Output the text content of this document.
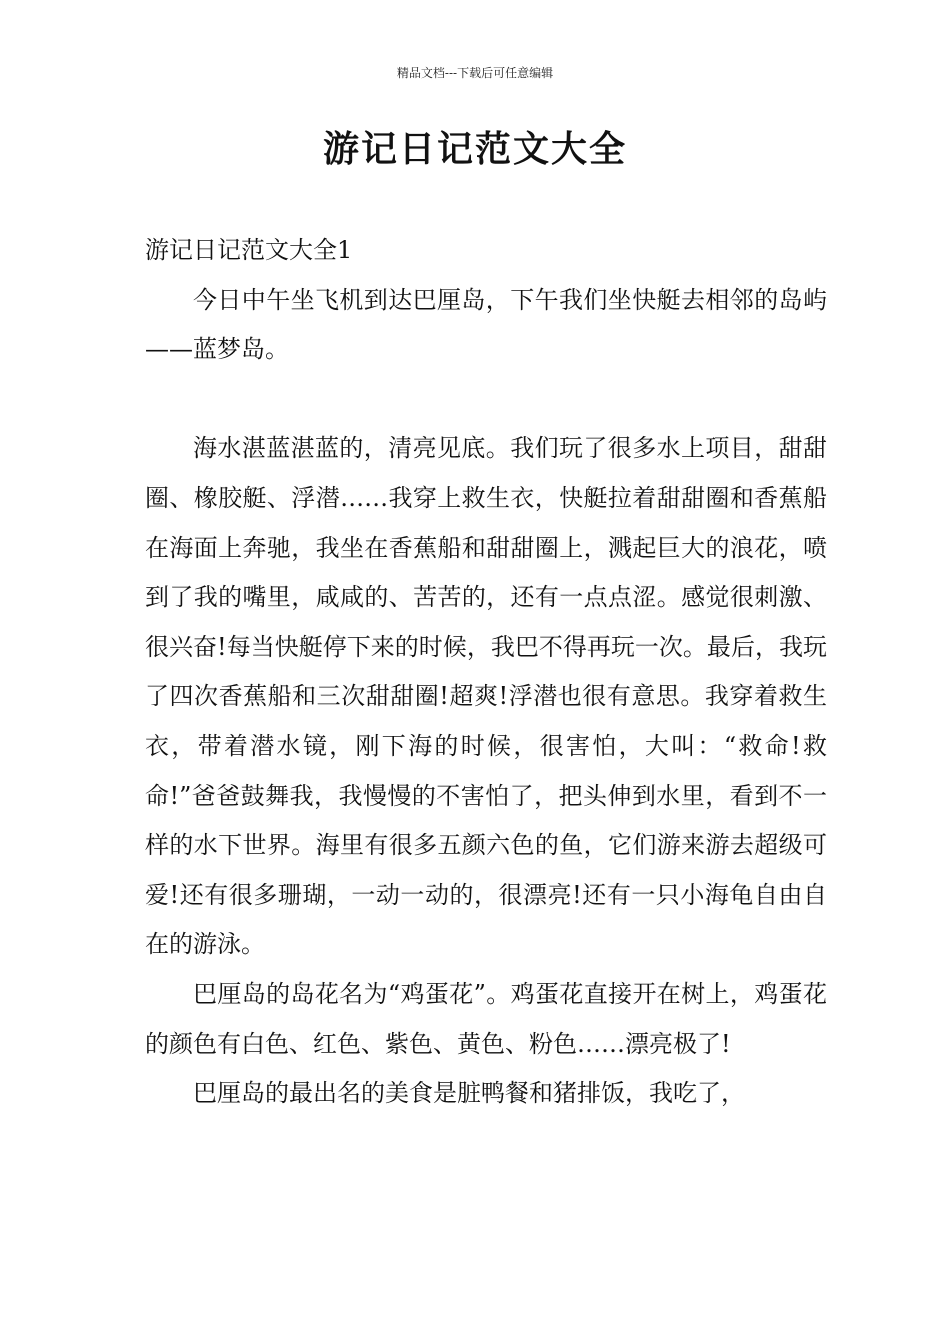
精品文档---下载后可任意编辑
游记日记范文大全

游记日记范文大全1

今日中午坐飞机到达巴厘岛，下午我们坐快艇去相邻的岛屿——蓝梦岛。

海水湛蓝湛蓝的，清亮见底。我们玩了很多水上项目，甜甜圈、橡胶艇、浮潜……我穿上救生衣，快艇拉着甜甜圈和香蕉船在海面上奔驰，我坐在香蕉船和甜甜圈上，溅起巨大的浪花，喷到了我的嘴里，咸咸的、苦苦的，还有一点点涩。感觉很刺激、很兴奋!每当快艇停下来的时候，我巴不得再玩一次。最后，我玩了四次香蕉船和三次甜甜圈!超爽!浮潜也很有意思。我穿着救生衣，带着潜水镜，刚下海的时候，很害怕，大叫：“救命!救命!”爸爸鼓舞我，我慢慢的不害怕了，把头伸到水里，看到不一样的水下世界。海里有很多五颜六色的鱼，它们游来游去超级可爱!还有很多珊瑚，一动一动的，很漂亮!还有一只小海龟自由自在的游泳。

巴厘岛的岛花名为“鸡蛋花”。鸡蛋花直接开在树上，鸡蛋花的颜色有白色、红色、紫色、黄色、粉色……漂亮极了!

巴厘岛的最出名的美食是脏鸭餐和猪排饭，我吃了，
